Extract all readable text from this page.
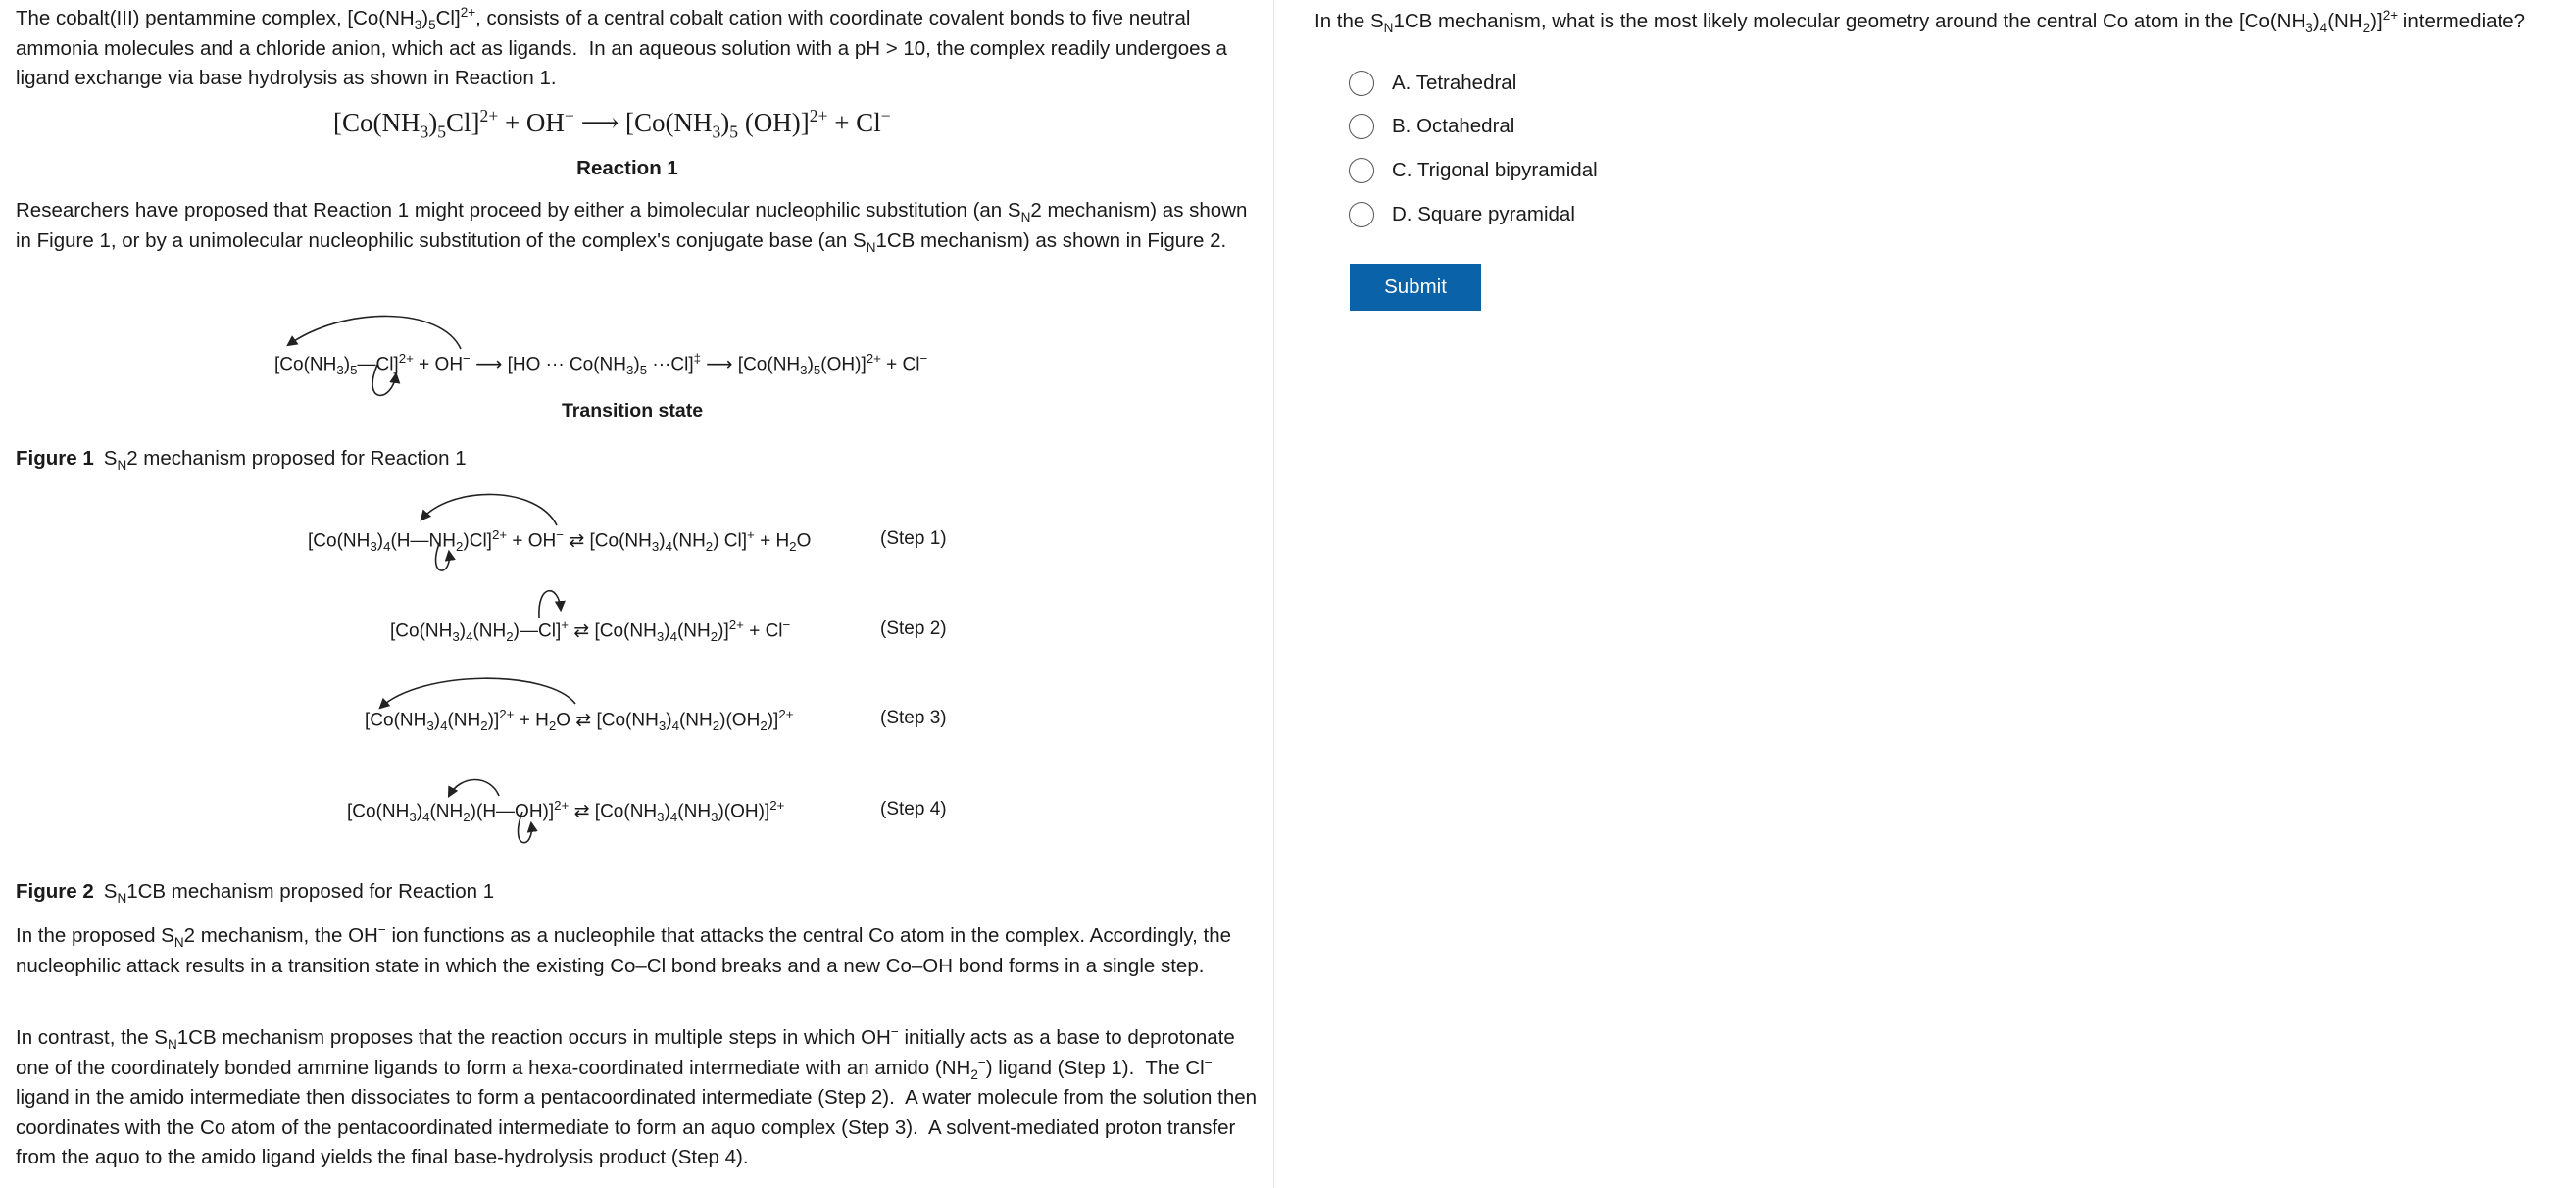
The cobalt(III) pentammine complex, $[Co(NH_3)_5Cl]^{2+}$, consists of a central cobalt cation with coordinate covalent bonds to five neutral ammonia molecules and a chloride anion, which act as ligands.  In an aqueous solution with a pH > 10, the complex readily undergoes a ligand exchange via base hydrolysis as shown in Reaction 1.

$[Co(NH_3)_5Cl]^{2+} + OH^-$ ⟶ [$Co(NH_3)_5$ (OH)]$^{2+}$ + Cl−
Reaction 1

Researchers have proposed that Reaction 1 might proceed by either a bimolecular nucleophilic substitution (an $S_N2$ mechanism) as shown in Figure 1, or by a unimolecular nucleophilic substitution of the complex's conjugate base (an $S_N1CB$ mechanism) as shown in Figure 2.

$[Co(NH_3)_5—Cl]^{2+} + OH^-$ ⟶ [HO ··· $Co(NH_3)_5 \cdot\cdot\cdot Cl]^\ddagger$ ⟶ $[Co(NH_3)_5(OH)]^{2+} + Cl^-$
Transition state
Figure 1 $S_N2$ mechanism proposed for Reaction 1
$[Co(NH_3)_4(H—NH_2)Cl]^{2+} + OH^-$ ⇄ $[Co(NH_3)_4(NH_2) Cl]^+ + H_2O$	(Step 1)
$[Co(NH_3)_4(NH_2)—Cl]^+$ ⇄ $[Co(NH_3)_4(NH_2)]^{2+} + Cl^-$	(Step 2)
$[Co(NH_3)_4(NH_2)]^{2+} + H_2O$ ⇄ $[Co(NH_3)_4(NH_2)(OH_2)]^{2+}$	(Step 3)
$[Co(NH_3)_4(NH_2)(H—OH)]^{2+}$ ⇄ $[Co(NH_3)_4(NH_3)(OH)]^{2+}$	(Step 4)
Figure 2 $S_N1CB$ mechanism proposed for Reaction 1

In the proposed $S_N2$ mechanism, the OH− ion functions as a nucleophile that attacks the central Co atom in the complex. Accordingly, the nucleophilic attack results in a transition state in which the existing Co–Cl bond breaks and a new Co–OH bond forms in a single step.

In contrast, the $S_N1CB$ mechanism proposes that the reaction occurs in multiple steps in which OH− initially acts as a base to deprotonate one of the coordinately bonded ammine ligands to form a hexa-coordinated intermediate with an amido $(NH_2^-)$ ligand (Step 1).  The Cl− ligand in the amido intermediate then dissociates to form a pentacoordinated intermediate (Step 2).  A water molecule from the solution then coordinates with the Co atom of the pentacoordinated intermediate to form an aquo complex (Step 3).  A solvent-mediated proton transfer from the aquo to the amido ligand yields the final base-hydrolysis product (Step 4).

In the $S_N1CB$ mechanism, what is the most likely molecular geometry around the central Co atom in the $[Co(NH_3)_4(NH_2)]^{2+}$ intermediate?
A. Tetrahedral
B. Octahedral
C. Trigonal bipyramidal
D. Square pyramidal
Submit
